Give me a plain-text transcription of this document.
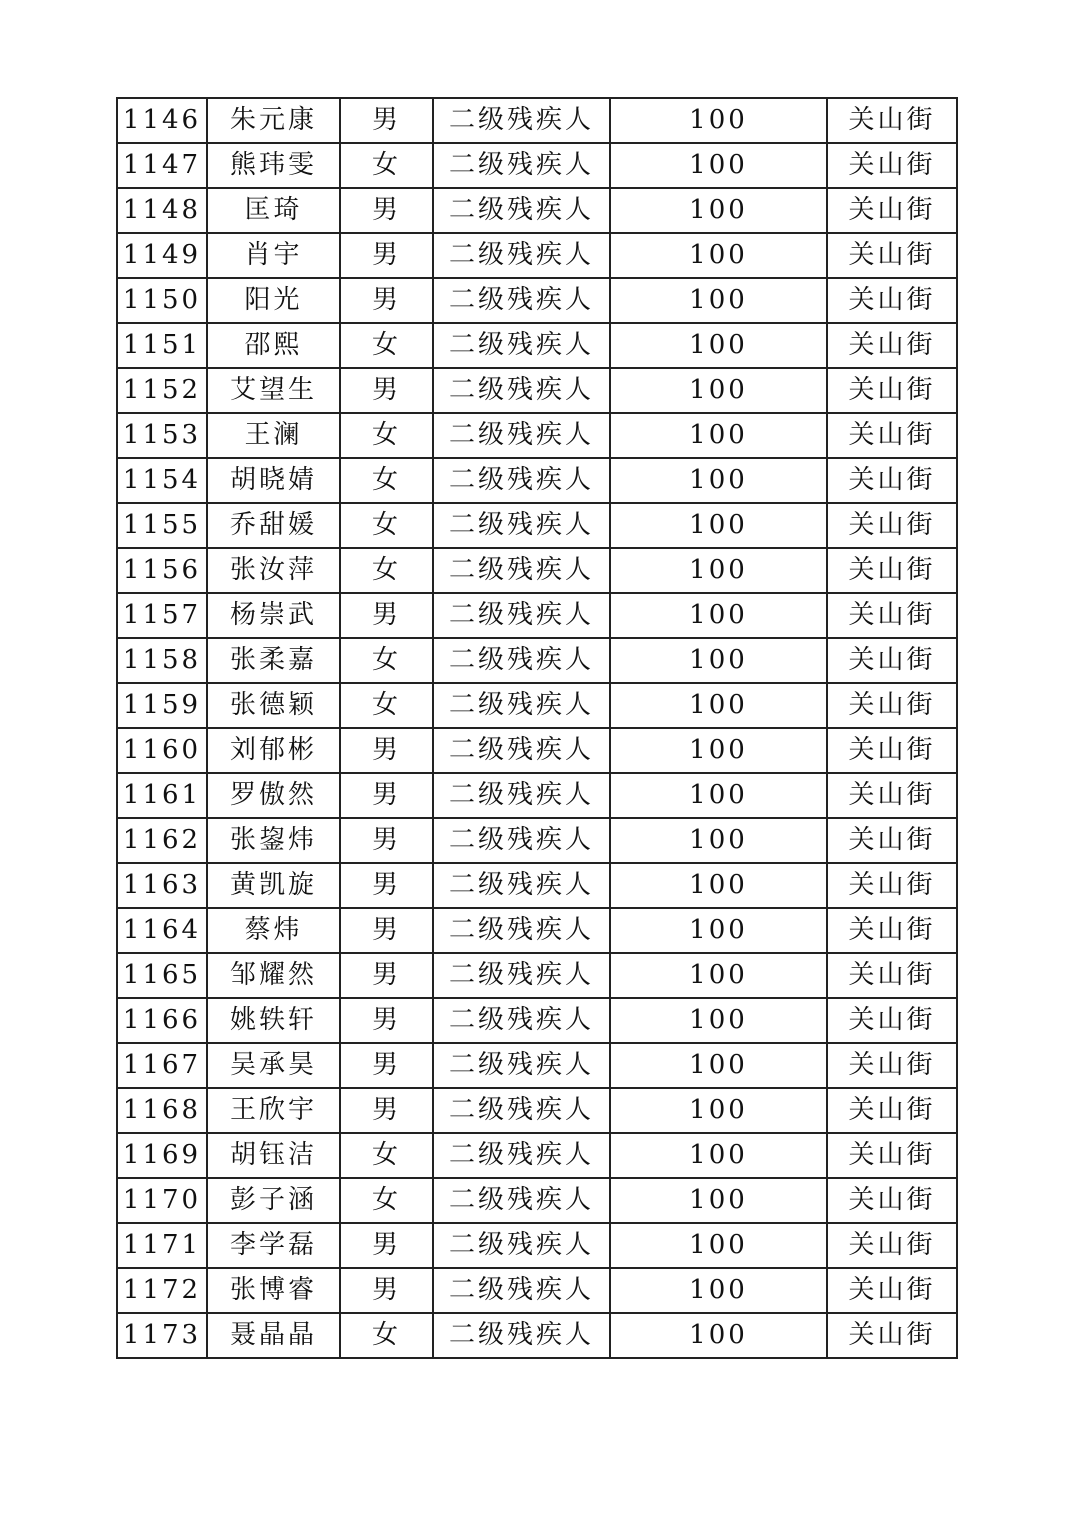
1146	朱元康	男	二级残疾人	100	关山街
1147	熊玮雯	女	二级残疾人	100	关山街
1148	匡琦	男	二级残疾人	100	关山街
1149	肖宇	男	二级残疾人	100	关山街
1150	阳光	男	二级残疾人	100	关山街
1151	邵熙	女	二级残疾人	100	关山街
1152	艾望生	男	二级残疾人	100	关山街
1153	王澜	女	二级残疾人	100	关山街
1154	胡晓婧	女	二级残疾人	100	关山街
1155	乔甜媛	女	二级残疾人	100	关山街
1156	张汝萍	女	二级残疾人	100	关山街
1157	杨崇武	男	二级残疾人	100	关山街
1158	张柔嘉	女	二级残疾人	100	关山街
1159	张德颖	女	二级残疾人	100	关山街
1160	刘郁彬	男	二级残疾人	100	关山街
1161	罗傲然	男	二级残疾人	100	关山街
1162	张鋆炜	男	二级残疾人	100	关山街
1163	黄凯旋	男	二级残疾人	100	关山街
1164	蔡炜	男	二级残疾人	100	关山街
1165	邹耀然	男	二级残疾人	100	关山街
1166	姚轶轩	男	二级残疾人	100	关山街
1167	吴承昊	男	二级残疾人	100	关山街
1168	王欣宇	男	二级残疾人	100	关山街
1169	胡钰洁	女	二级残疾人	100	关山街
1170	彭子涵	女	二级残疾人	100	关山街
1171	李学磊	男	二级残疾人	100	关山街
1172	张博睿	男	二级残疾人	100	关山街
1173	聂晶晶	女	二级残疾人	100	关山街
